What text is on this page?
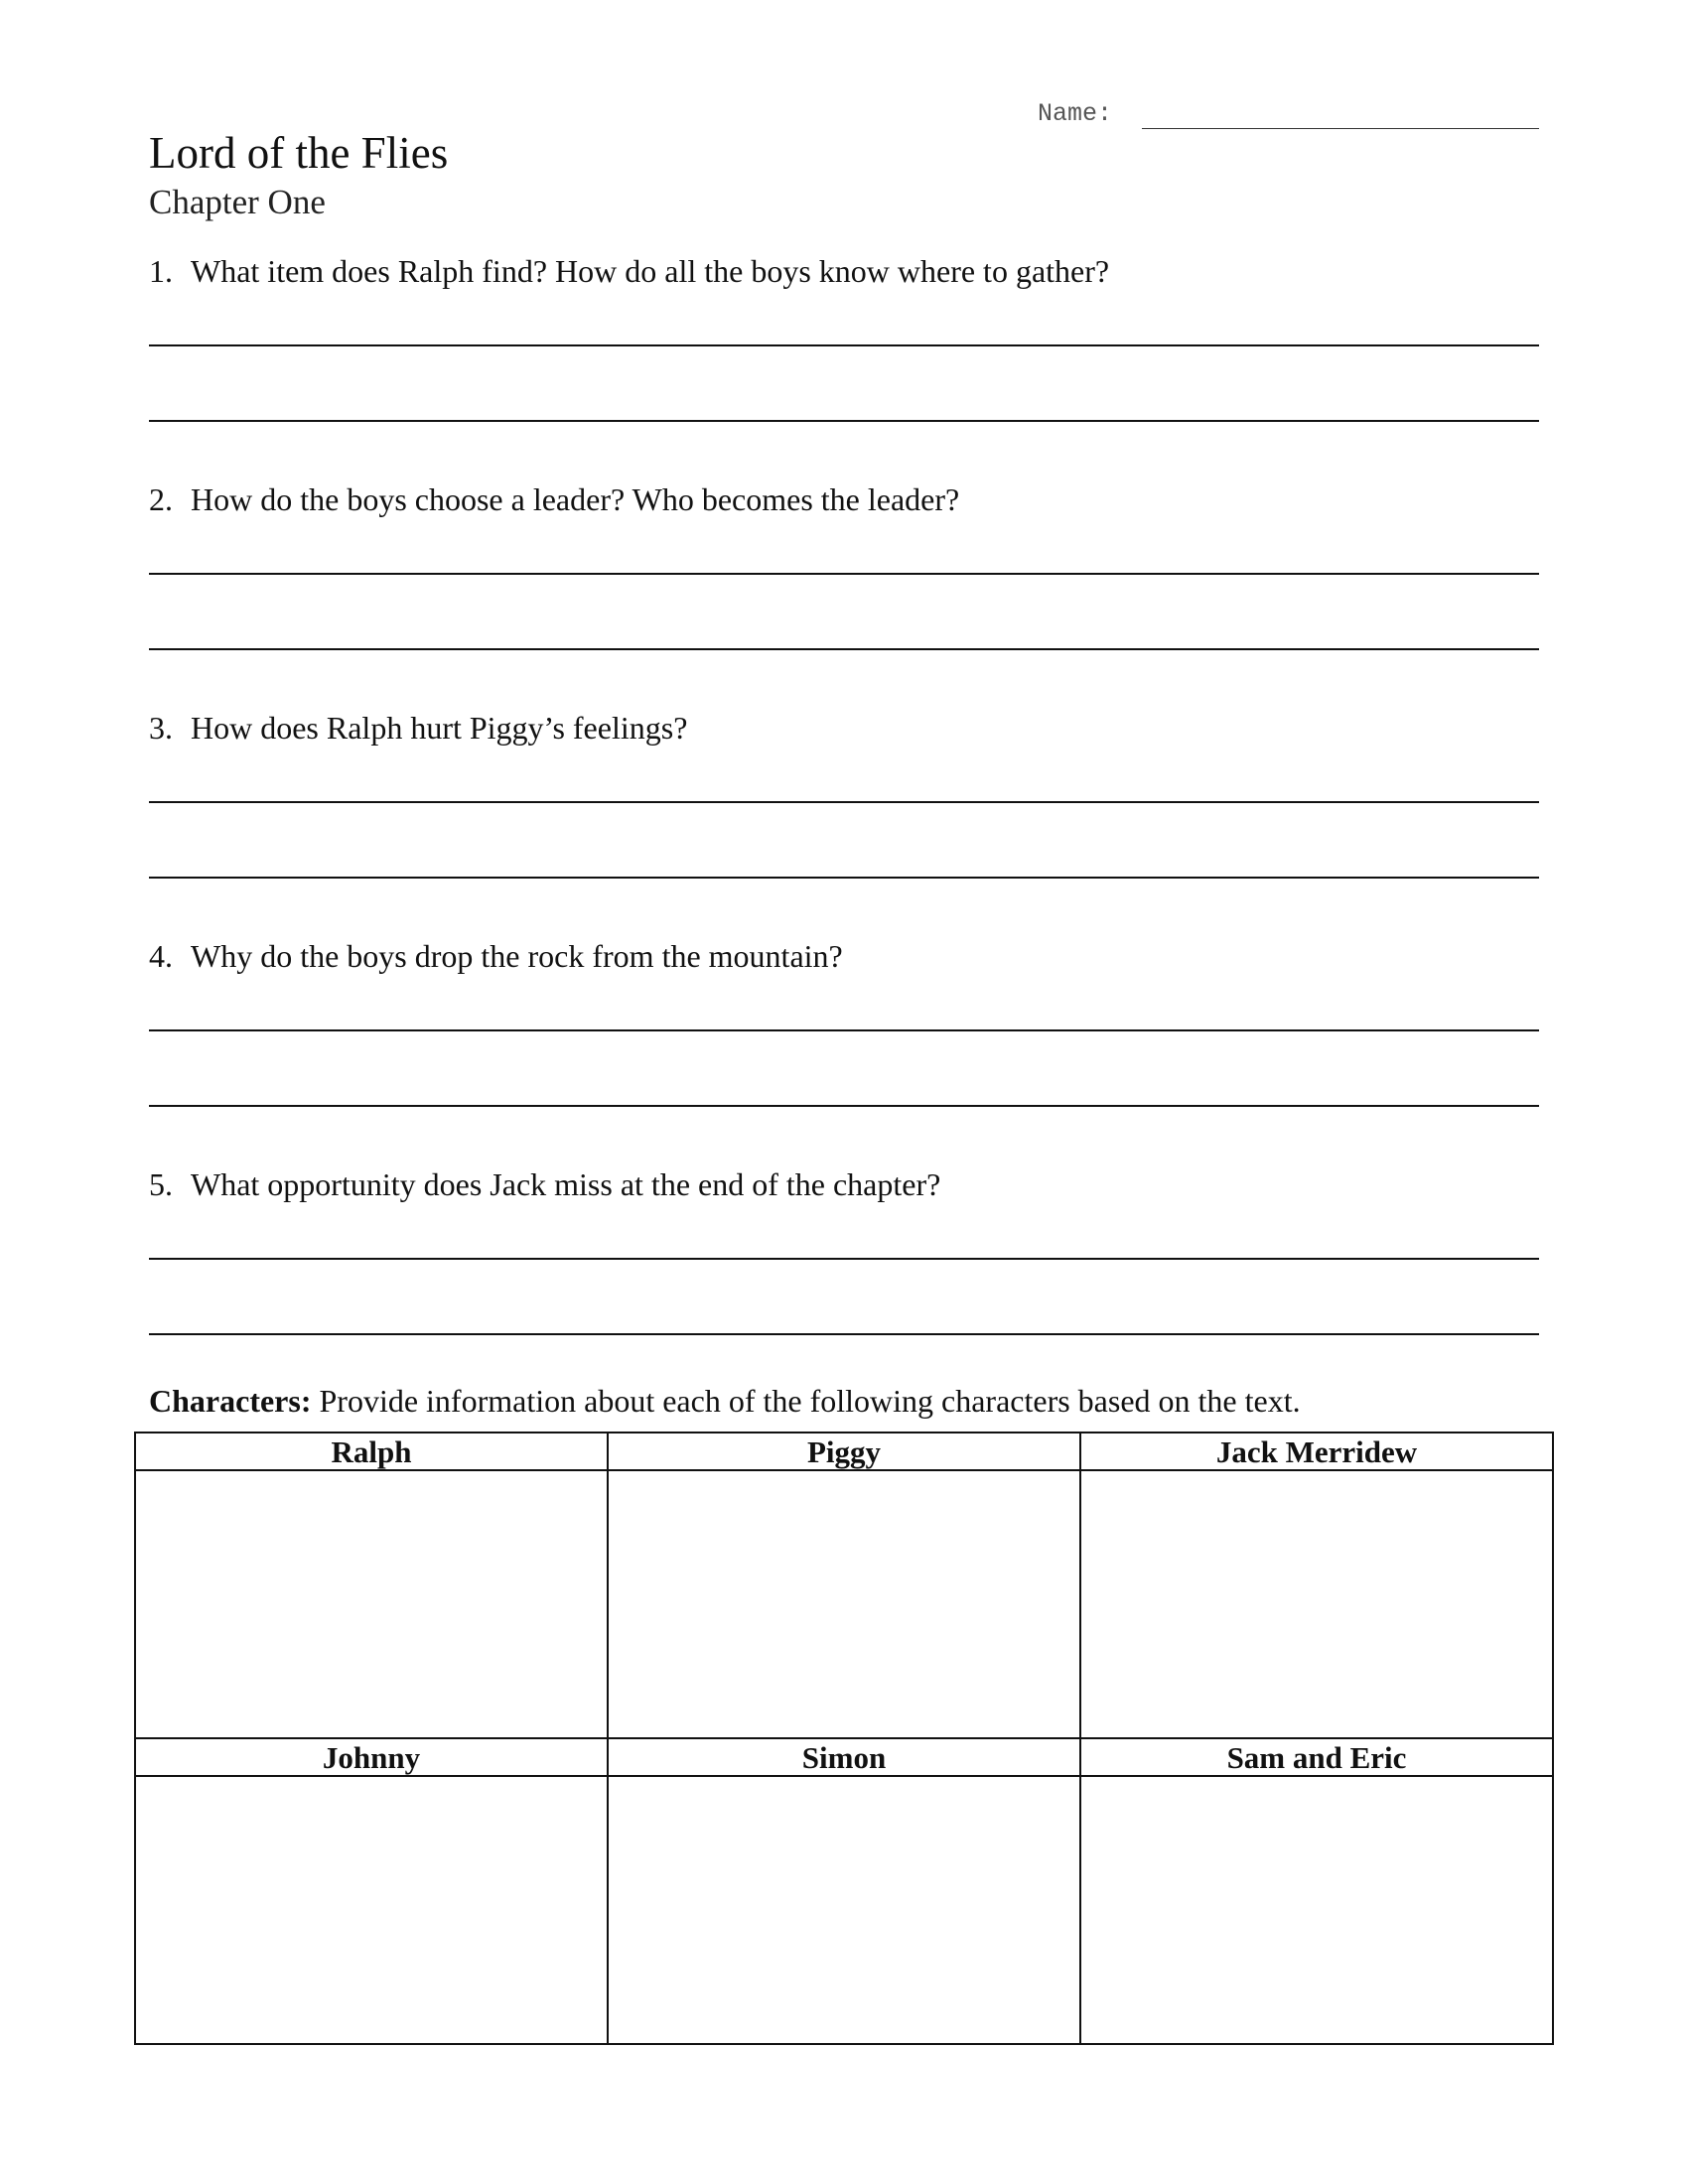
Name:
Lord of the Flies
Chapter One
1. What item does Ralph find? How do all the boys know where to gather?
2. How do the boys choose a leader? Who becomes the leader?
3. How does Ralph hurt Piggy’s feelings?
4. Why do the boys drop the rock from the mountain?
5. What opportunity does Jack miss at the end of the chapter?
Characters: Provide information about each of the following characters based on the text.
Ralph	Piggy	Jack Merridew

Johnny	Simon	Sam and Eric
